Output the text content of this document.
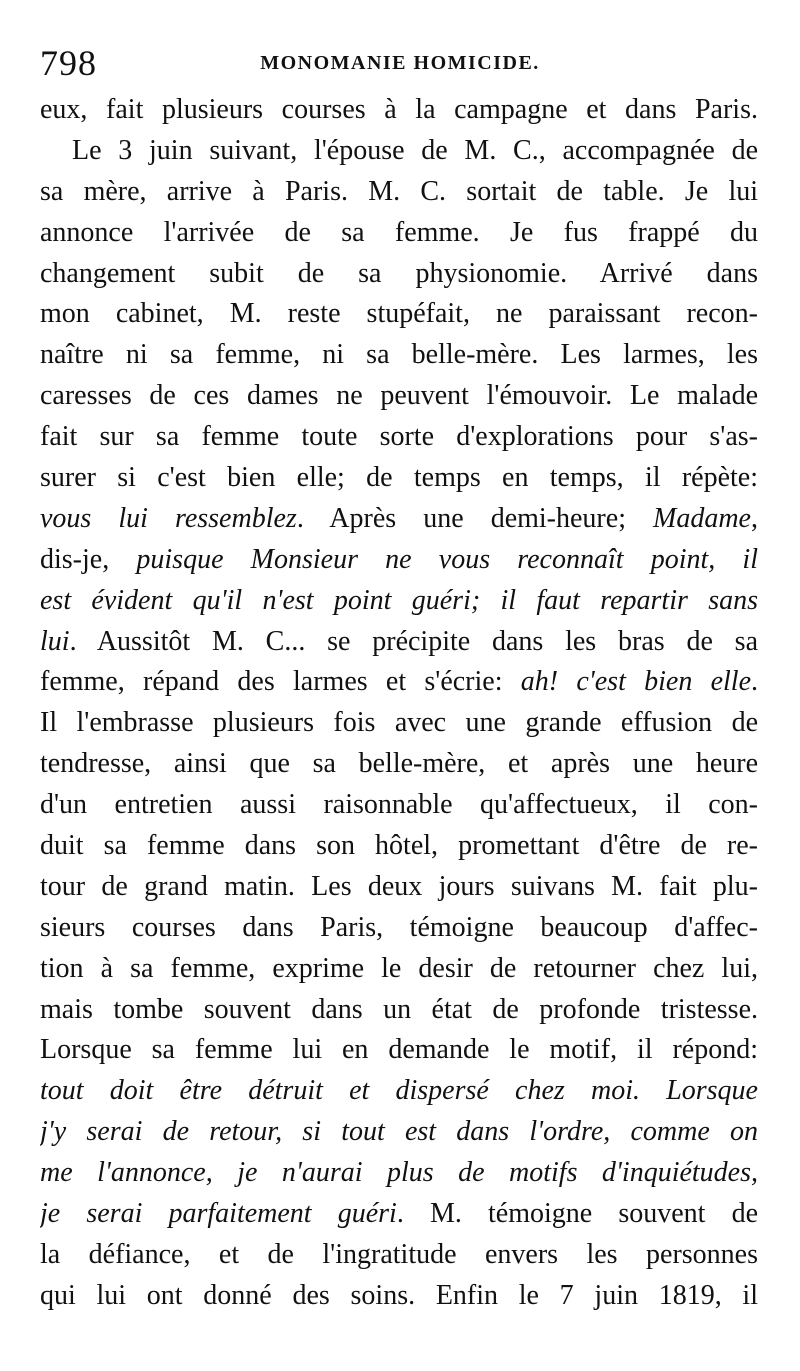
798	MONOMANIE HOMICIDE.
eux, fait plusieurs courses à la campagne et dans Paris.
Le 3 juin suivant, l'épouse de M. C., accompagnée de
sa mère, arrive à Paris. M. C. sortait de table. Je lui
annonce l'arrivée de sa femme. Je fus frappé du
changement subit de sa physionomie. Arrivé dans
mon cabinet, M. reste stupéfait, ne paraissant recon-
naître ni sa femme, ni sa belle-mère. Les larmes, les
caresses de ces dames ne peuvent l'émouvoir. Le malade
fait sur sa femme toute sorte d'explorations pour s'as-
surer si c'est bien elle; de temps en temps, il répète:
vous lui ressemblez. Après une demi-heure; Madame,
dis-je, puisque Monsieur ne vous reconnaît point, il
est évident qu'il n'est point guéri; il faut repartir sans
lui. Aussitôt M. C... se précipite dans les bras de sa
femme, répand des larmes et s'écrie: ah! c'est bien elle.
Il l'embrasse plusieurs fois avec une grande effusion de
tendresse, ainsi que sa belle-mère, et après une heure
d'un entretien aussi raisonnable qu'affectueux, il con-
duit sa femme dans son hôtel, promettant d'être de re-
tour de grand matin. Les deux jours suivans M. fait plu-
sieurs courses dans Paris, témoigne beaucoup d'affec-
tion à sa femme, exprime le desir de retourner chez lui,
mais tombe souvent dans un état de profonde tristesse.
Lorsque sa femme lui en demande le motif, il répond:
tout doit être détruit et dispersé chez moi. Lorsque
j'y serai de retour, si tout est dans l'ordre, comme on
me l'annonce, je n'aurai plus de motifs d'inquiétudes,
je serai parfaitement guéri. M. témoigne souvent de
la défiance, et de l'ingratitude envers les personnes
qui lui ont donné des soins. Enfin le 7 juin 1819, il
